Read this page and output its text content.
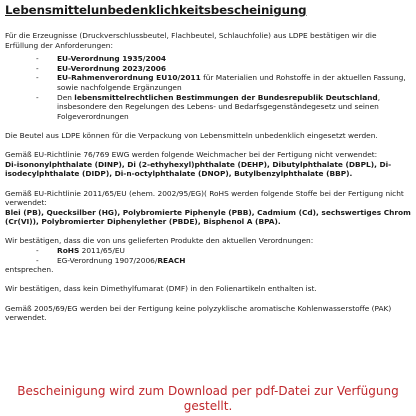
Lebensmittelunbedenklichkeitsbescheinigung

Für die Erzeugnisse (Druckverschlussbeutel, Flachbeutel, Schlauchfolie) aus LDPE bestätigen wir die Erfüllung der Anforderungen:

- EU-Verordnung 1935/2004
- EU-Verordnung 2023/2006
- EU-Rahmenverordnung EU10/2011 für Materialien und Rohstoffe in der aktuellen Fassung, sowie nachfolgende Ergänzungen
- Den lebensmittelrechtlichen Bestimmungen der Bundesrepublik Deutschland, insbesondere den Regelungen des Lebens- und Bedarfsgegenständegesetz und seinen Folgeverordnungen

Die Beutel aus LDPE können für die Verpackung von Lebensmitteln unbedenklich eingesetzt werden.

Gemäß EU-Richtlinie 76/769 EWG werden folgende Weichmacher bei der Fertigung nicht verwendet:

Di-isononylphthalate (DINP), Di (2-ethyhexyl)phthalate (DEHP), Dibutylphthalate (DBPL), Di-isodecylphthalate (DIDP), Di-n-octylphthalate (DNOP), Butylbenzylphthalate (BBP).

Gemäß EU-Richtlinie 2011/65/EU (ehem. 2002/95/EG)( RoHS werden folgende Stoffe bei der Fertigung nicht verwendet:

Blei (PB), Quecksilber (HG), Polybromierte Piphenyle (PBB), Cadmium (Cd), sechswertiges Chrom (Cr(VI)), Polybromierter Diphenylether (PBDE), Bisphenol A (BPA).

Wir bestätigen, dass die von uns gelieferten Produkte den aktuellen Verordnungen:

- RoHS 2011/65/EU
- EG-Verordnung 1907/2006/REACH

entsprechen.

Wir bestätigen, dass kein Dimethylfumarat (DMF) in den Folienartikeln enthalten ist.

Gemäß 2005/69/EG werden bei der Fertigung keine polyzyklische aromatische Kohlenwasserstoffe (PAK) verwendet.

Bescheinigung wird zum Download per pdf-Datei zur Verfügung gestellt.
